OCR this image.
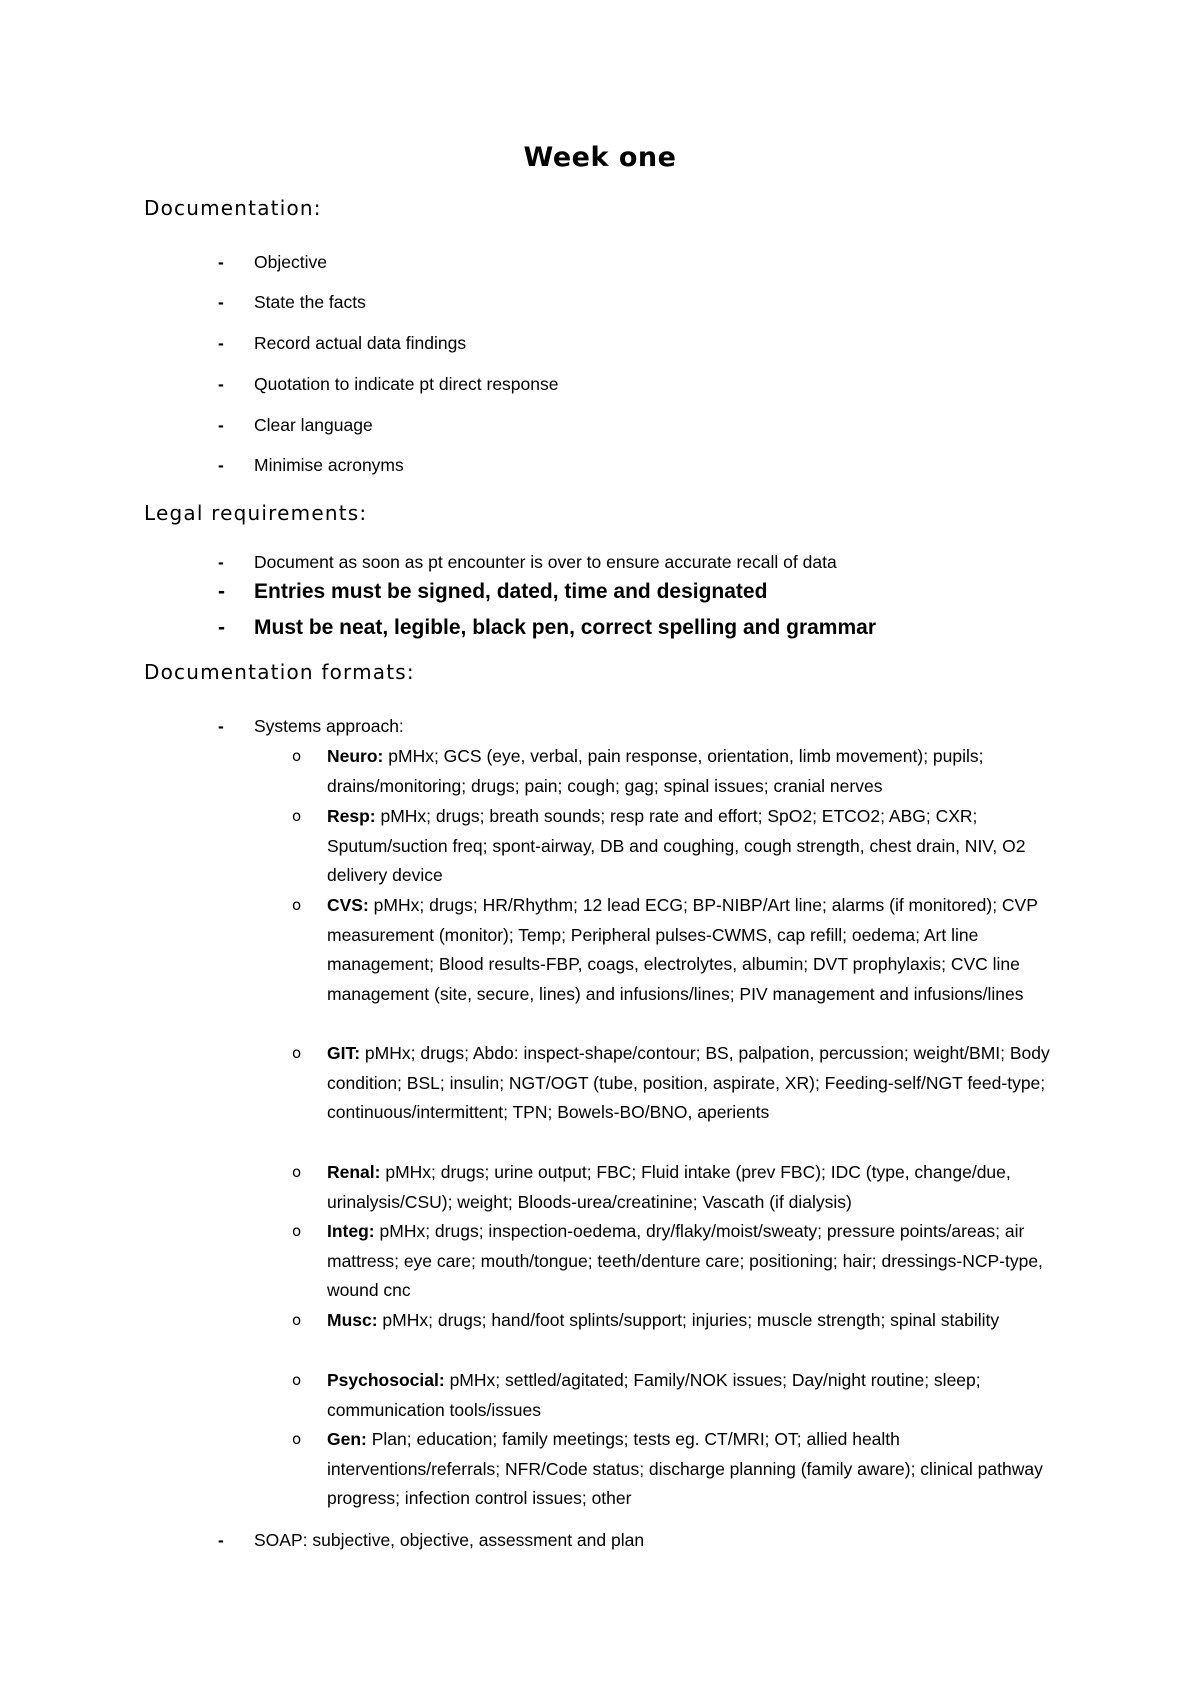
Week one
Documentation:
- Objective
- State the facts
- Record actual data findings
- Quotation to indicate pt direct response
- Clear language
- Minimise acronyms
Legal requirements:
- Document as soon as pt encounter is over to ensure accurate recall of data
- Entries must be signed, dated, time and designated
- Must be neat, legible, black pen, correct spelling and grammar
Documentation formats:
- Systems approach:
o Neuro: pMHx; GCS (eye, verbal, pain response, orientation, limb movement); pupils; drains/monitoring; drugs; pain; cough; gag; spinal issues; cranial nerves
o Resp: pMHx; drugs; breath sounds; resp rate and effort; SpO2; ETCO2; ABG; CXR; Sputum/suction freq; spont-airway, DB and coughing, cough strength, chest drain, NIV, O2 delivery device
o CVS: pMHx; drugs; HR/Rhythm; 12 lead ECG; BP-NIBP/Art line; alarms (if monitored); CVP measurement (monitor); Temp; Peripheral pulses-CWMS, cap refill; oedema; Art line management; Blood results-FBP, coags, electrolytes, albumin; DVT prophylaxis; CVC line management (site, secure, lines) and infusions/lines; PIV management and infusions/lines
o GIT: pMHx; drugs; Abdo: inspect-shape/contour; BS, palpation, percussion; weight/BMI; Body condition; BSL; insulin; NGT/OGT (tube, position, aspirate, XR); Feeding-self/NGT feed-type; continuous/intermittent; TPN; Bowels-BO/BNO, aperients
o Renal: pMHx; drugs; urine output; FBC; Fluid intake (prev FBC); IDC (type, change/due, urinalysis/CSU); weight; Bloods-urea/creatinine; Vascath (if dialysis)
o Integ: pMHx; drugs; inspection-oedema, dry/flaky/moist/sweaty; pressure points/areas; air mattress; eye care; mouth/tongue; teeth/denture care; positioning; hair; dressings-NCP-type, wound cnc
o Musc: pMHx; drugs; hand/foot splints/support; injuries; muscle strength; spinal stability
o Psychosocial: pMHx; settled/agitated; Family/NOK issues; Day/night routine; sleep; communication tools/issues
o Gen: Plan; education; family meetings; tests eg. CT/MRI; OT; allied health interventions/referrals; NFR/Code status; discharge planning (family aware); clinical pathway progress; infection control issues; other
- SOAP: subjective, objective, assessment and plan
